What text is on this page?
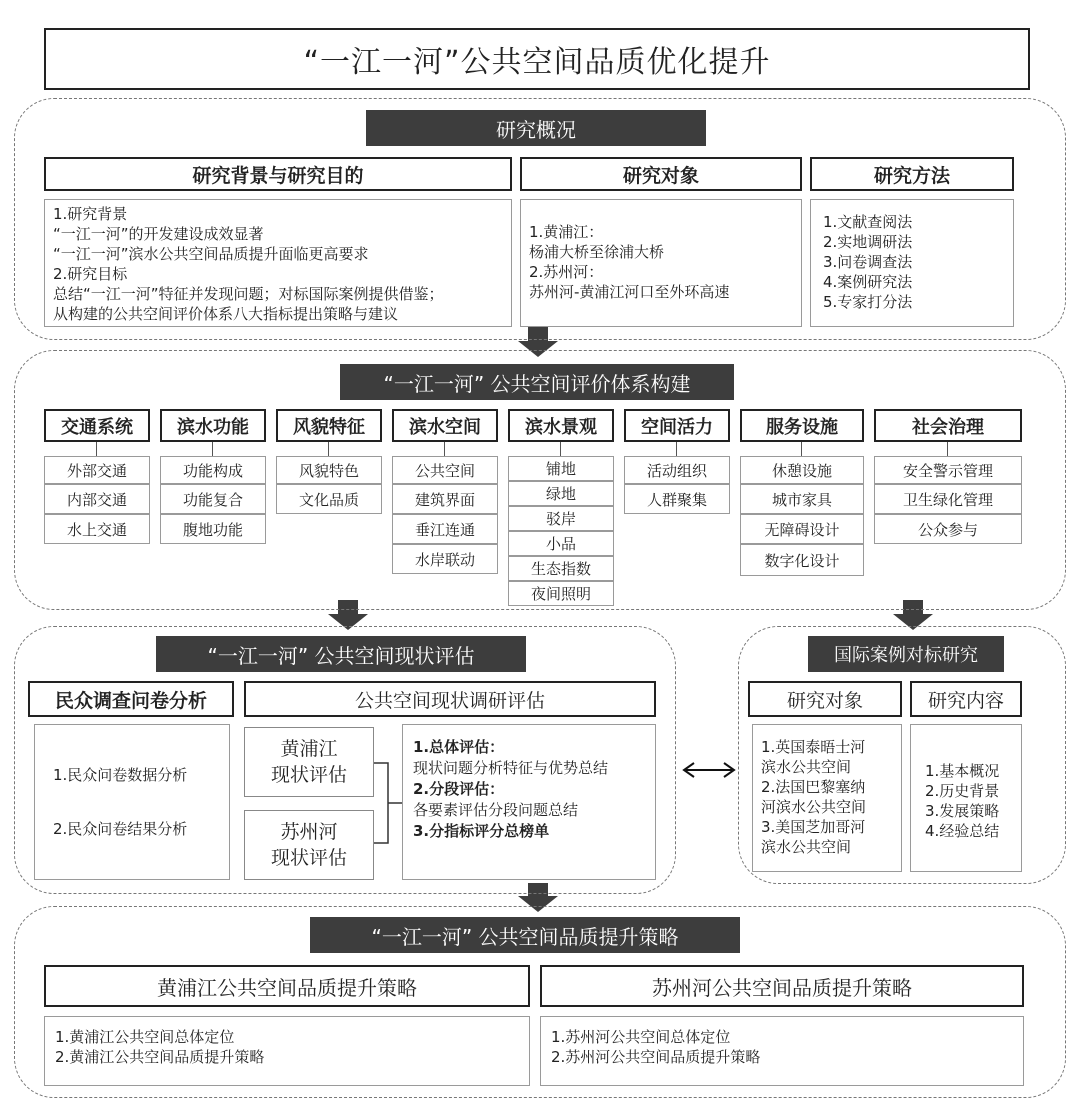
“一江一河”公共空间品质优化提升
研究概况
研究背景与研究目的
1.研究背景
“一江一河”的开发建设成效显著
“一江一河”滨水公共空间品质提升面临更高要求
2.研究目标
总结“一江一河”特征并发现问题；对标国际案例提供借鉴；
从构建的公共空间评价体系八大指标提出策略与建议
研究对象
1.黄浦江：
杨浦大桥至徐浦大桥
2.苏州河：
苏州河-黄浦江河口至外环高速
研究方法
1.文献查阅法
2.实地调研法
3.问卷调查法
4.案例研究法
5.专家打分法
“一江一河” 公共空间评价体系构建
交通系统
外部交通
内部交通
水上交通
滨水功能
功能构成
功能复合
腹地功能
风貌特征
风貌特色
文化品质
滨水空间
公共空间
建筑界面
垂江连通
水岸联动
滨水景观
铺地
绿地
驳岸
小品
生态指数
夜间照明
空间活力
活动组织
人群聚集
服务设施
休憩设施
城市家具
无障碍设计
数字化设计
社会治理
安全警示管理
卫生绿化管理
公众参与
“一江一河” 公共空间现状评估
民众调查问卷分析
1.民众问卷数据分析
2.民众问卷结果分析
公共空间现状调研评估
黄浦江
现状评估
苏州河
现状评估
1.总体评估：
现状问题分析特征与优势总结
2.分段评估：
各要素评估分段问题总结
3.分指标评分总榜单
国际案例对标研究
研究对象
1.英国泰晤士河
滨水公共空间
2.法国巴黎塞纳
河滨水公共空间
3.美国芝加哥河
滨水公共空间
研究内容
1.基本概况
2.历史背景
3.发展策略
4.经验总结
“一江一河” 公共空间品质提升策略
黄浦江公共空间品质提升策略
1.黄浦江公共空间总体定位
2.黄浦江公共空间品质提升策略
苏州河公共空间品质提升策略
1.苏州河公共空间总体定位
2.苏州河公共空间品质提升策略
